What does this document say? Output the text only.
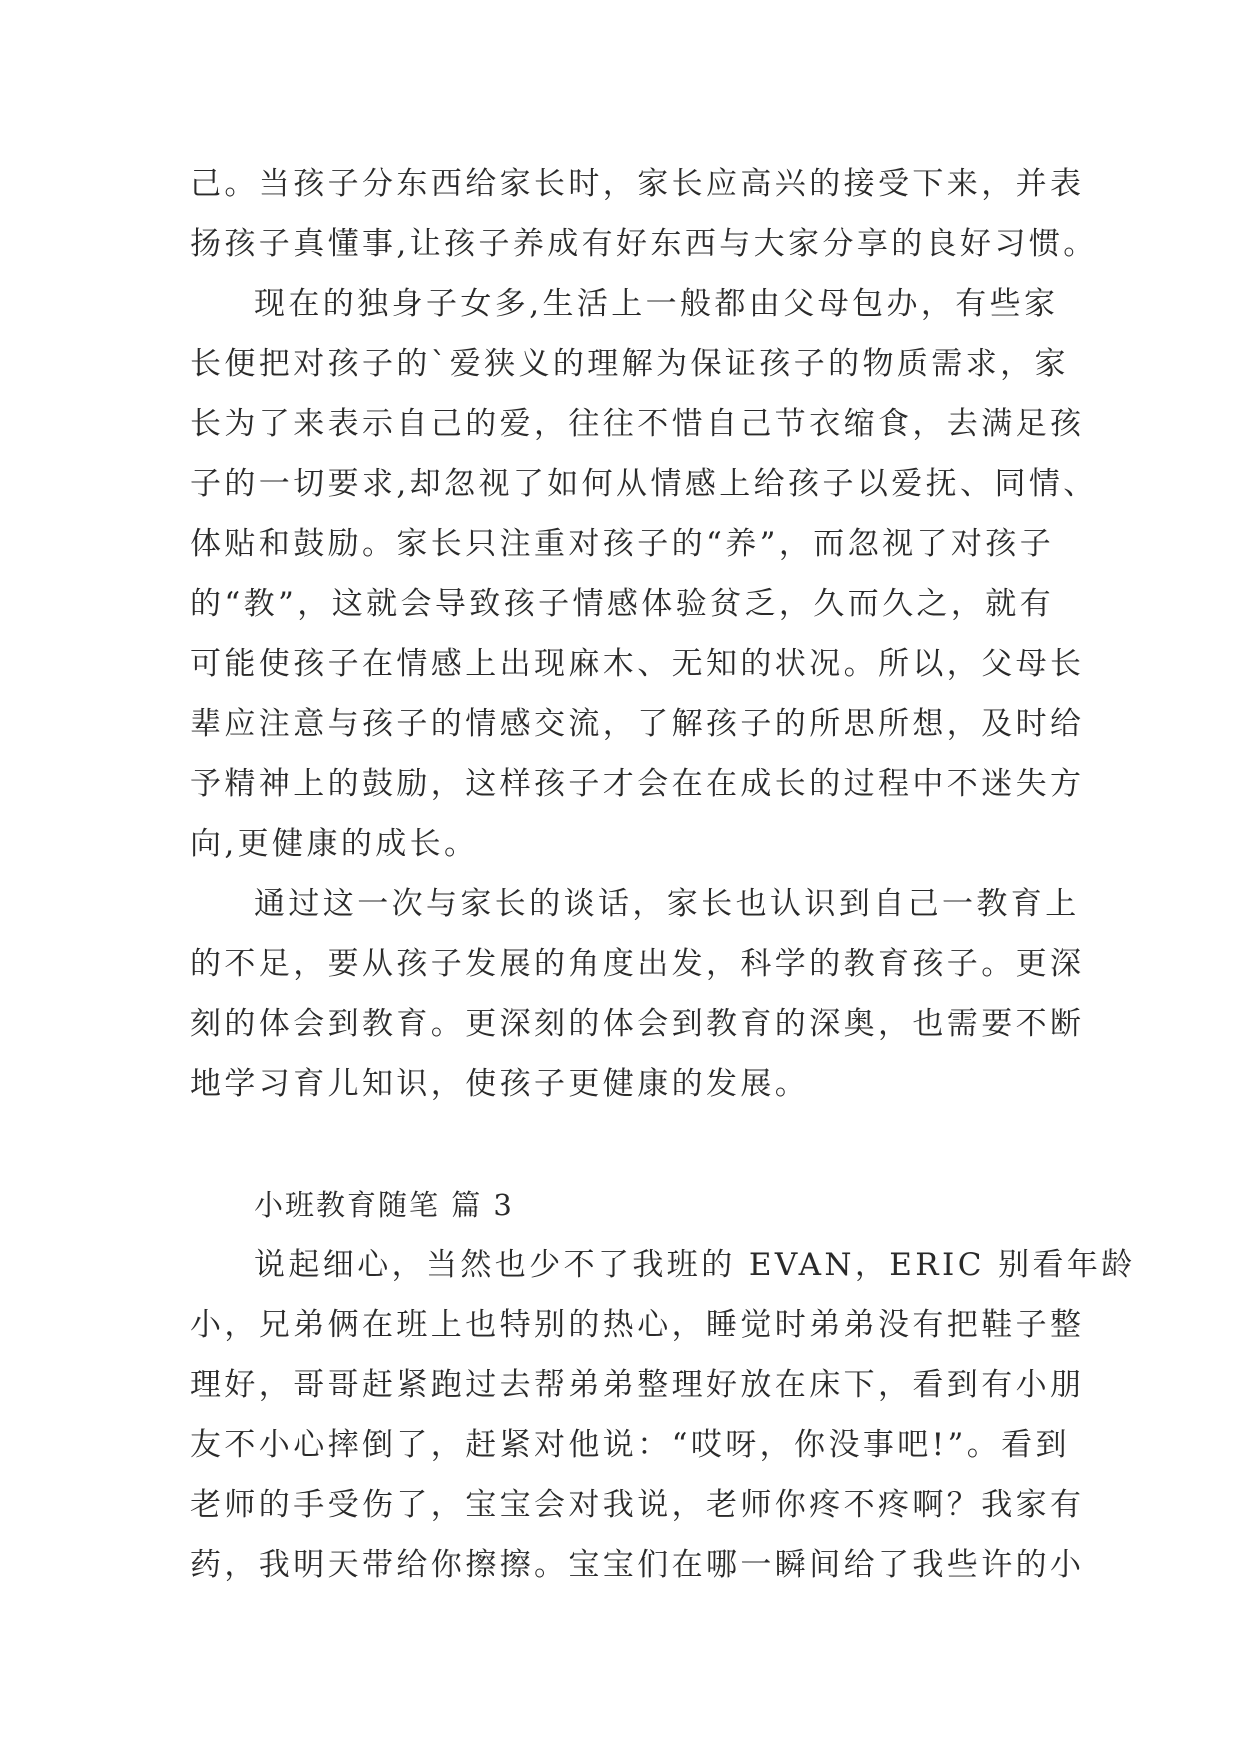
己。当孩子分东西给家长时，家长应高兴的接受下来，并表
扬孩子真懂事,让孩子养成有好东西与大家分享的良好习惯。
现在的独身子女多,生活上一般都由父母包办，有些家
长便把对孩子的`爱狭义的理解为保证孩子的物质需求，家
长为了来表示自己的爱，往往不惜自己节衣缩食，去满足孩
子的一切要求,却忽视了如何从情感上给孩子以爱抚、同情、
体贴和鼓励。家长只注重对孩子的“养”，而忽视了对孩子
的“教”，这就会导致孩子情感体验贫乏，久而久之，就有
可能使孩子在情感上出现麻木、无知的状况。所以，父母长
辈应注意与孩子的情感交流，了解孩子的所思所想，及时给
予精神上的鼓励，这样孩子才会在在成长的过程中不迷失方
向,更健康的成长。
通过这一次与家长的谈话，家长也认识到自己一教育上
的不足，要从孩子发展的角度出发，科学的教育孩子。更深
刻的体会到教育。更深刻的体会到教育的深奥，也需要不断
地学习育儿知识，使孩子更健康的发展。
小班教育随笔 篇 3
说起细心，当然也少不了我班的 EVAN，ERIC 别看年龄
小，兄弟俩在班上也特别的热心，睡觉时弟弟没有把鞋子整
理好，哥哥赶紧跑过去帮弟弟整理好放在床下，看到有小朋
友不小心摔倒了，赶紧对他说：“哎呀，你没事吧!”。看到
老师的手受伤了，宝宝会对我说，老师你疼不疼啊？我家有
药，我明天带给你擦擦。宝宝们在哪一瞬间给了我些许的小
